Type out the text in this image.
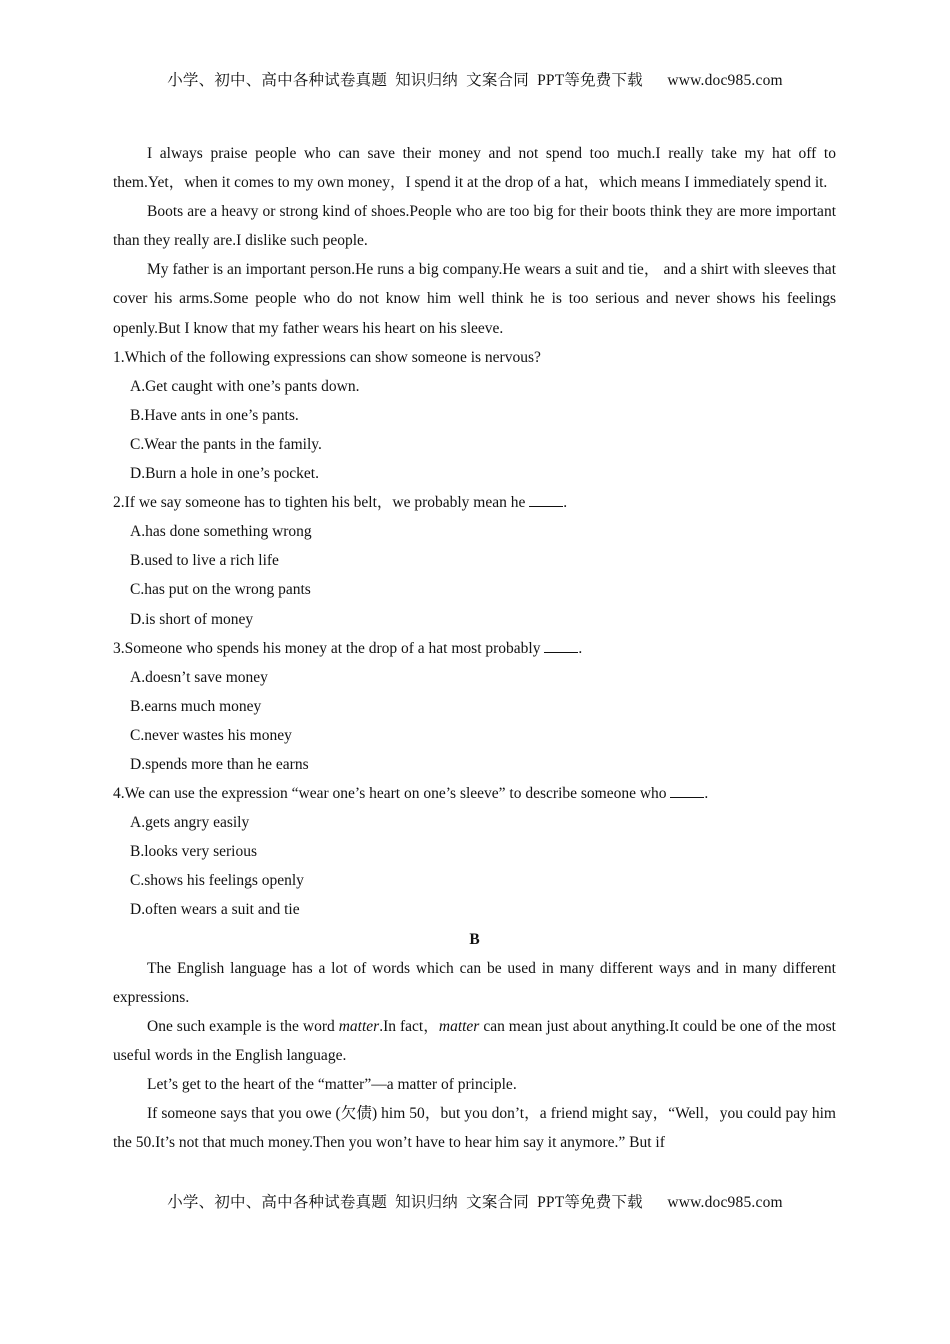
小学、初中、高中各种试卷真题  知识归纳  文案合同  PPT等免费下载      www.doc985.com

I always praise people who can save their money and not spend too much.I really take my hat off to them.Yet，when it comes to my own money，I spend it at the drop of a hat，which means I immediately spend it.

Boots are a heavy or strong kind of shoes.People who are too big for their boots think they are more important than they really are.I dislike such people.

My father is an important person.He runs a big company.He wears a suit and tie， and a shirt with sleeves that cover his arms.Some people who do not know him well think he is too serious and never shows his feelings openly.But I know that my father wears his heart on his sleeve.

1.Which of the following expressions can show someone is nervous?

A.Get caught with one’s pants down.

B.Have ants in one’s pants.

C.Wear the pants in the family.

D.Burn a hole in one’s pocket.

2.If we say someone has to tighten his belt，we probably mean he .

A.has done something wrong

B.used to live a rich life

C.has put on the wrong pants

D.is short of money

3.Someone who spends his money at the drop of a hat most probably .

A.doesn’t save money

B.earns much money

C.never wastes his money

D.spends more than he earns

4.We can use the expression “wear one’s heart on one’s sleeve” to describe someone who .

A.gets angry easily

B.looks very serious

C.shows his feelings openly

D.often wears a suit and tie

B

The English language has a lot of words which can be used in many different ways and in many different expressions.

One such example is the word matter.In fact，matter can mean just about anything.It could be one of the most useful words in the English language.

Let’s get to the heart of the “matter”—a matter of principle.

If someone says that you owe (欠债) him 50，but you don’t，a friend might say，“Well，you could pay him the 50.It’s not that much money.Then you won’t have to hear him say it anymore.” But if

小学、初中、高中各种试卷真题  知识归纳  文案合同  PPT等免费下载      www.doc985.com
